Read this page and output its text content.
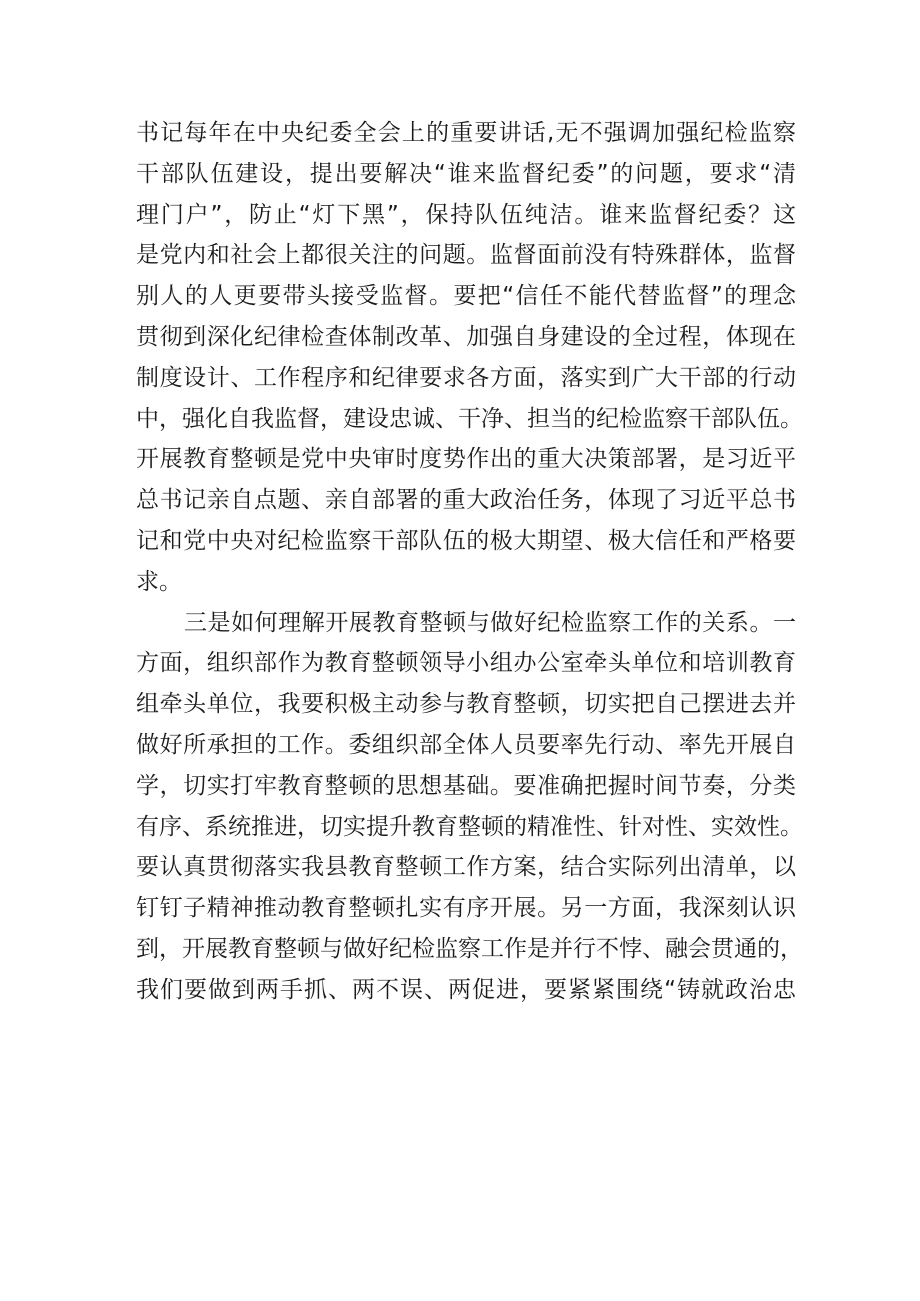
书记每年在中央纪委全会上的重要讲话,无不强调加强纪检监察
干部队伍建设，提出要解决“谁来监督纪委”的问题，要求“清
理门户”，防止“灯下黑”，保持队伍纯洁。谁来监督纪委？这
是党内和社会上都很关注的问题。监督面前没有特殊群体，监督
别人的人更要带头接受监督。要把“信任不能代替监督”的理念
贯彻到深化纪律检查体制改革、加强自身建设的全过程，体现在
制度设计、工作程序和纪律要求各方面，落实到广大干部的行动
中，强化自我监督，建设忠诚、干净、担当的纪检监察干部队伍。
开展教育整顿是党中央审时度势作出的重大决策部署，是习近平
总书记亲自点题、亲自部署的重大政治任务，体现了习近平总书
记和党中央对纪检监察干部队伍的极大期望、极大信任和严格要
求。
三是如何理解开展教育整顿与做好纪检监察工作的关系。一
方面，组织部作为教育整顿领导小组办公室牵头单位和培训教育
组牵头单位，我要积极主动参与教育整顿，切实把自己摆进去并
做好所承担的工作。委组织部全体人员要率先行动、率先开展自
学，切实打牢教育整顿的思想基础。要准确把握时间节奏，分类
有序、系统推进，切实提升教育整顿的精准性、针对性、实效性。
要认真贯彻落实我县教育整顿工作方案，结合实际列出清单，以
钉钉子精神推动教育整顿扎实有序开展。另一方面，我深刻认识
到，开展教育整顿与做好纪检监察工作是并行不悖、融会贯通的，
我们要做到两手抓、两不误、两促进，要紧紧围绕“铸就政治忠
